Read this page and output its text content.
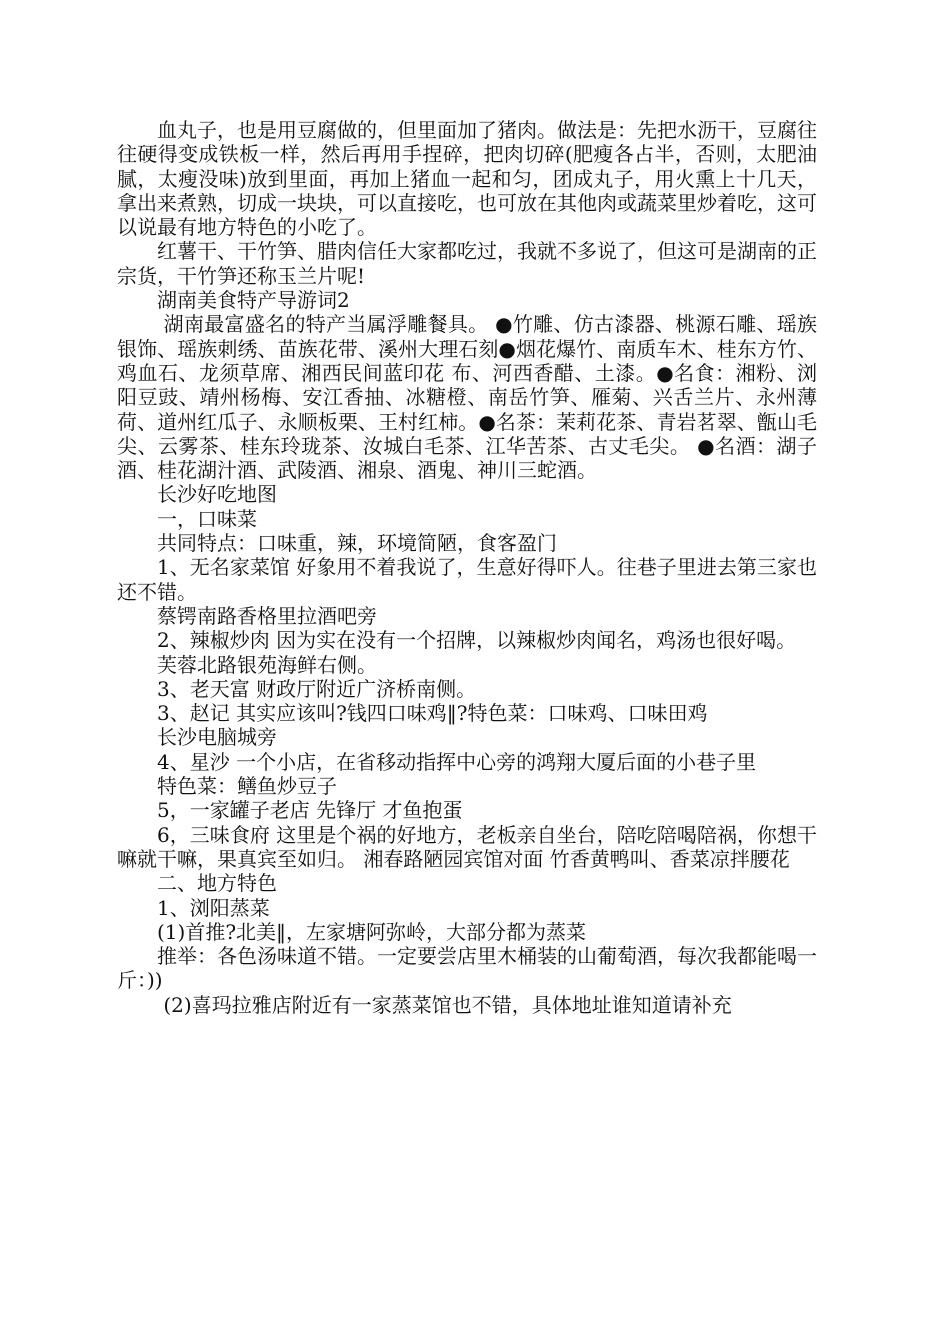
血丸子，也是用豆腐做的，但里面加了猪肉。做法是：先把水沥干，豆腐往往硬得变成铁板一样，然后再用手捏碎，把肉切碎(肥瘦各占半，否则，太肥油腻，太瘦没味)放到里面，再加上猪血一起和匀，团成丸子，用火熏上十几天，拿出来煮熟，切成一块块，可以直接吃，也可放在其他肉或蔬菜里炒着吃，这可以说最有地方特色的小吃了。

红薯干、干竹笋、腊肉信任大家都吃过，我就不多说了，但这可是湖南的正宗货，干竹笋还称玉兰片呢!

湖南美食特产导游词2

湖南最富盛名的特产当属浮雕餐具。 ●竹雕、仿古漆器、桃源石雕、瑶族银饰、瑶族刺绣、苗族花带、溪州大理石刻●烟花爆竹、南质车木、桂东方竹、鸡血石、龙须草席、湘西民间蓝印花 布、河西香醋、土漆。●名食：湘粉、浏阳豆豉、靖州杨梅、安江香抽、冰糖橙、南岳竹笋、雁菊、兴舌兰片、永州薄荷、道州红瓜子、永顺板栗、王村红柿。●名茶：茉莉花茶、青岩茗翠、甑山毛尖、云雾茶、桂东玲珑茶、汝城白毛茶、江华苦茶、古丈毛尖。 ●名酒：湖子酒、桂花湖汁酒、武陵酒、湘泉、酒鬼、神川三蛇酒。

长沙好吃地图

一，口味菜

共同特点：口味重，辣，环境简陋，食客盈门

1、无名家菜馆 好象用不着我说了，生意好得吓人。往巷子里进去第三家也 还不错。

蔡锷南路香格里拉酒吧旁

2、辣椒炒肉 因为实在没有一个招牌，以辣椒炒肉闻名，鸡汤也很好喝。

芙蓉北路银苑海鲜右侧。

3、老天富 财政厅附近广济桥南侧。

3、赵记 其实应该叫?钱四口味鸡‖?特色菜：口味鸡、口味田鸡

长沙电脑城旁

4、星沙 一个小店，在省移动指挥中心旁的鸿翔大厦后面的小巷子里

特色菜：鳝鱼炒豆子

5，一家罐子老店 先锋厅 才鱼抱蛋

6，三味食府 这里是个祸的好地方，老板亲自坐台，陪吃陪喝陪祸，你想干 嘛就干嘛，果真宾至如归。 湘春路陋园宾馆对面 竹香黄鸭叫、香菜凉拌腰花

二、地方特色

1、浏阳蒸菜

(1)首推?北美‖，左家塘阿弥岭，大部分都为蒸菜

推举：各色汤味道不错。一定要尝店里木桶装的山葡萄酒，每次我都能喝一 斤：))

(2)喜玛拉雅店附近有一家蒸菜馆也不错，具体地址谁知道请补充
